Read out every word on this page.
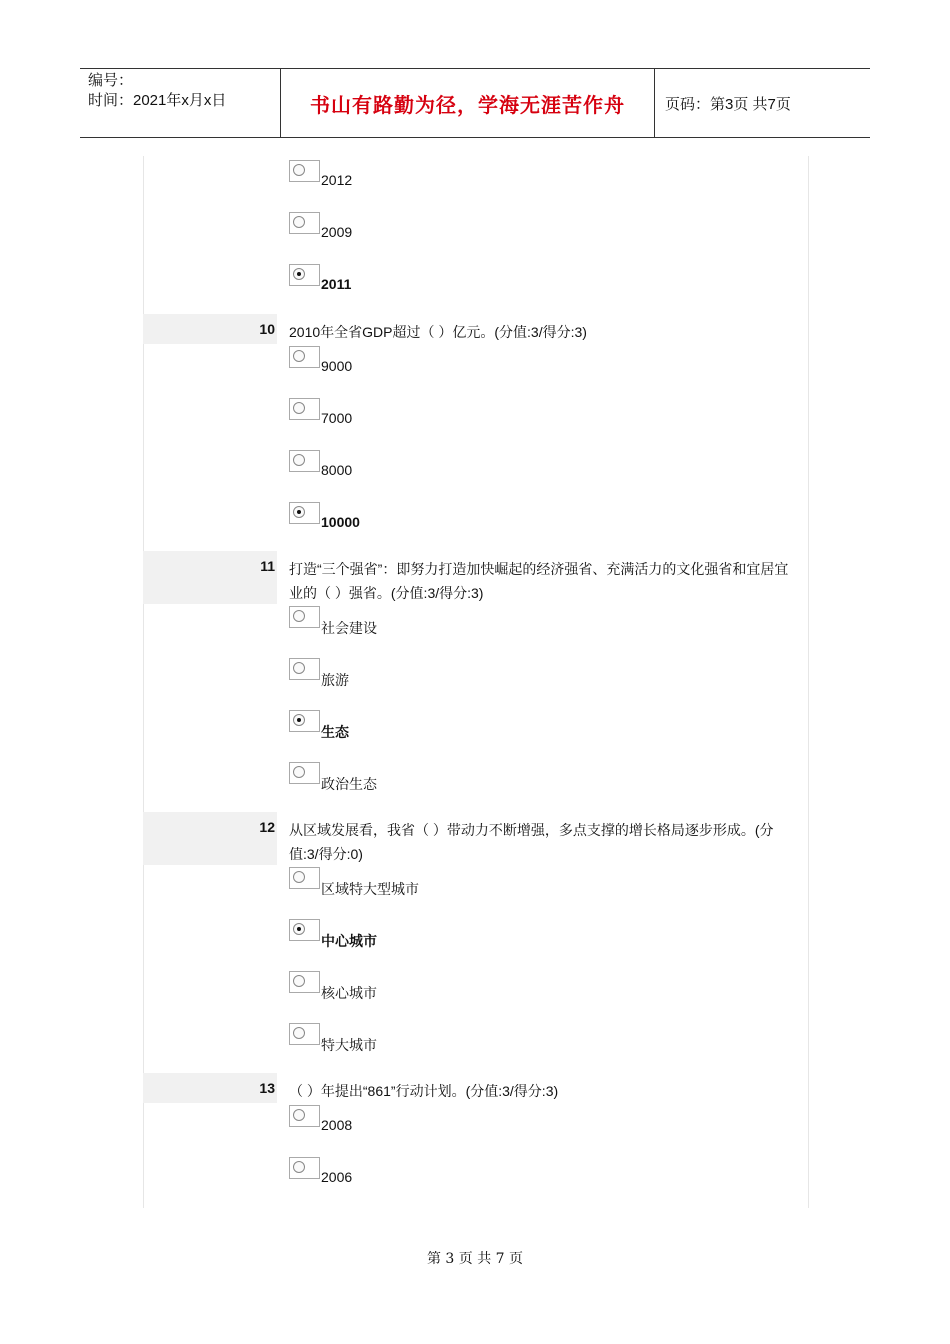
编号：
时间：2021年x月x日	书山有路勤为径，学海无涯苦作舟	页码：第3页 共7页
2012
2009
2011
10	2010年全省GDP超过（ ）亿元。(分值:3/得分:3)
9000
7000
8000
10000
11	打造“三个强省”：即努力打造加快崛起的经济强省、充满活力的文化强省和宜居宜业的（ ）强省。(分值:3/得分:3)
社会建设
旅游
生态
政治生态
12	从区域发展看，我省（ ）带动力不断增强，多点支撑的增长格局逐步形成。(分值:3/得分:0)
区域特大型城市
中心城市
核心城市
特大城市
13	（ ）年提出“861”行动计划。(分值:3/得分:3)
2008
2006
第 3 页 共 7 页
